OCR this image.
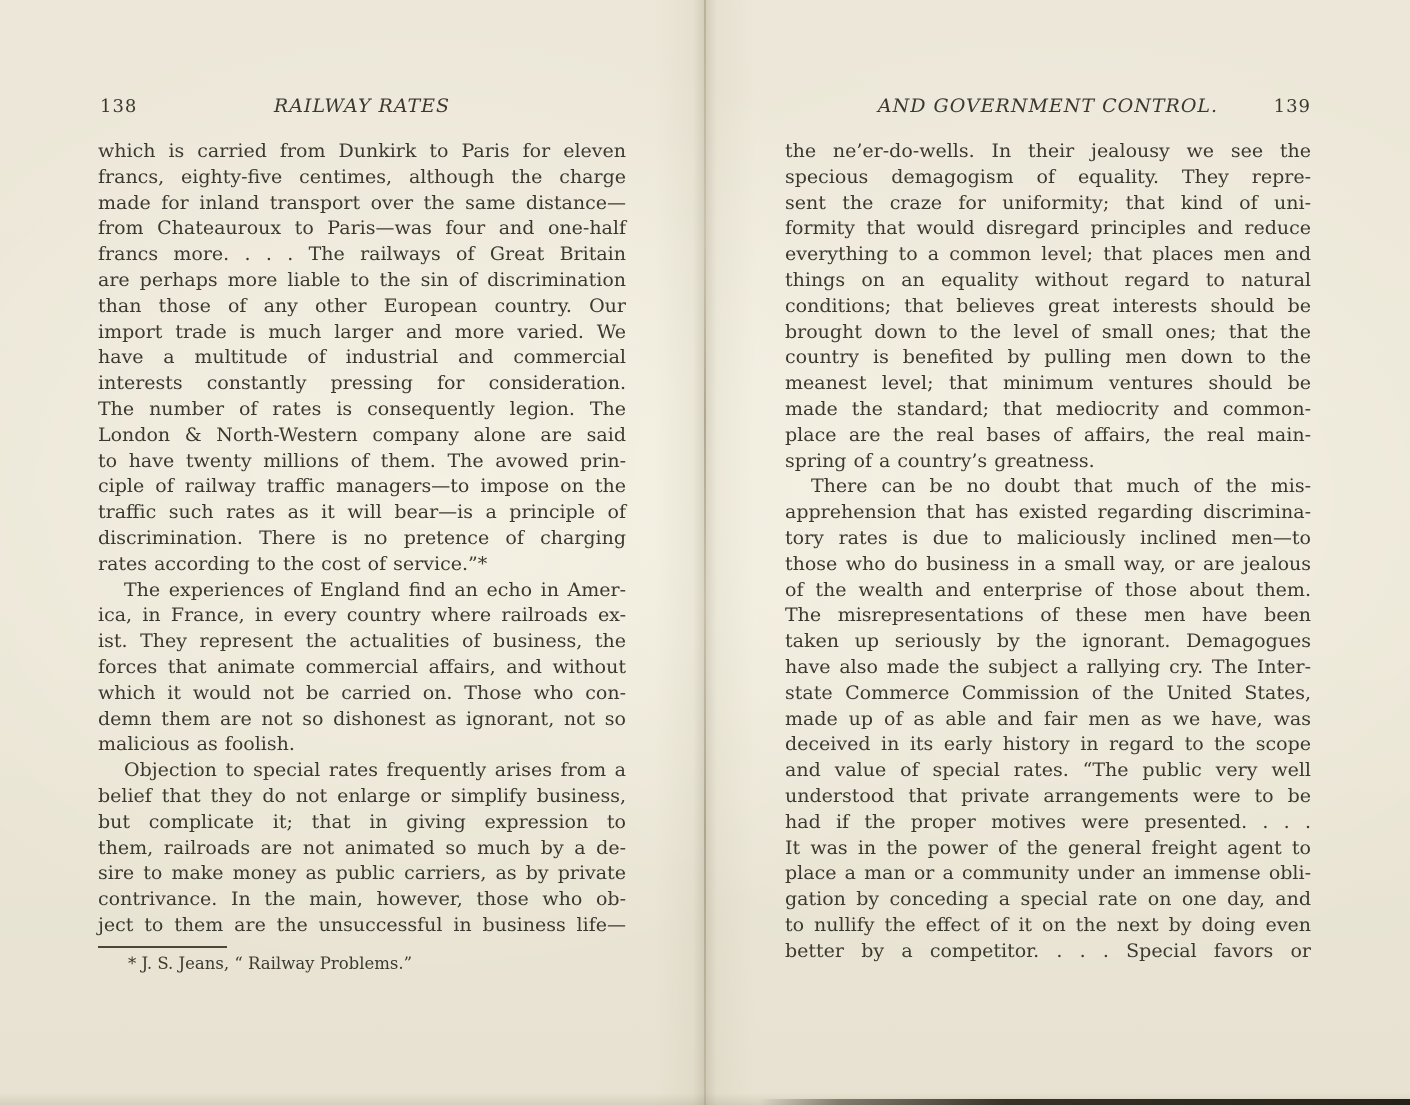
138	RAILWAY RATES
which is carried from Dunkirk to Paris for eleven
francs, eighty-five centimes, although the charge
made for inland transport over the same distance—
from Chateauroux to Paris—was four and one-half
francs more. . . . The railways of Great Britain
are perhaps more liable to the sin of discrimination
than those of any other European country. Our
import trade is much larger and more varied. We
have a multitude of industrial and commercial
interests constantly pressing for consideration.
The number of rates is consequently legion. The
London & North-Western company alone are said
to have twenty millions of them. The avowed prin-
ciple of railway traffic managers—to impose on the
traffic such rates as it will bear—is a principle of
discrimination. There is no pretence of charging
rates according to the cost of service.”*
The experiences of England find an echo in Amer-
ica, in France, in every country where railroads ex-
ist. They represent the actualities of business, the
forces that animate commercial affairs, and without
which it would not be carried on. Those who con-
demn them are not so dishonest as ignorant, not so
malicious as foolish.
Objection to special rates frequently arises from a
belief that they do not enlarge or simplify business,
but complicate it; that in giving expression to
them, railroads are not animated so much by a de-
sire to make money as public carriers, as by private
contrivance. In the main, however, those who ob-
ject to them are the unsuccessful in business life—
* J. S. Jeans, “ Railway Problems.”
AND GOVERNMENT CONTROL.	139
the ne’er-do-wells. In their jealousy we see the
specious demagogism of equality. They repre-
sent the craze for uniformity; that kind of uni-
formity that would disregard principles and reduce
everything to a common level; that places men and
things on an equality without regard to natural
conditions; that believes great interests should be
brought down to the level of small ones; that the
country is benefited by pulling men down to the
meanest level; that minimum ventures should be
made the standard; that mediocrity and common-
place are the real bases of affairs, the real main-
spring of a country’s greatness.
There can be no doubt that much of the mis-
apprehension that has existed regarding discrimina-
tory rates is due to maliciously inclined men—to
those who do business in a small way, or are jealous
of the wealth and enterprise of those about them.
The misrepresentations of these men have been
taken up seriously by the ignorant. Demagogues
have also made the subject a rallying cry. The Inter-
state Commerce Commission of the United States,
made up of as able and fair men as we have, was
deceived in its early history in regard to the scope
and value of special rates. “The public very well
understood that private arrangements were to be
had if the proper motives were presented. . . .
It was in the power of the general freight agent to
place a man or a community under an immense obli-
gation by conceding a special rate on one day, and
to nullify the effect of it on the next by doing even
better by a competitor. . . . Special favors or
